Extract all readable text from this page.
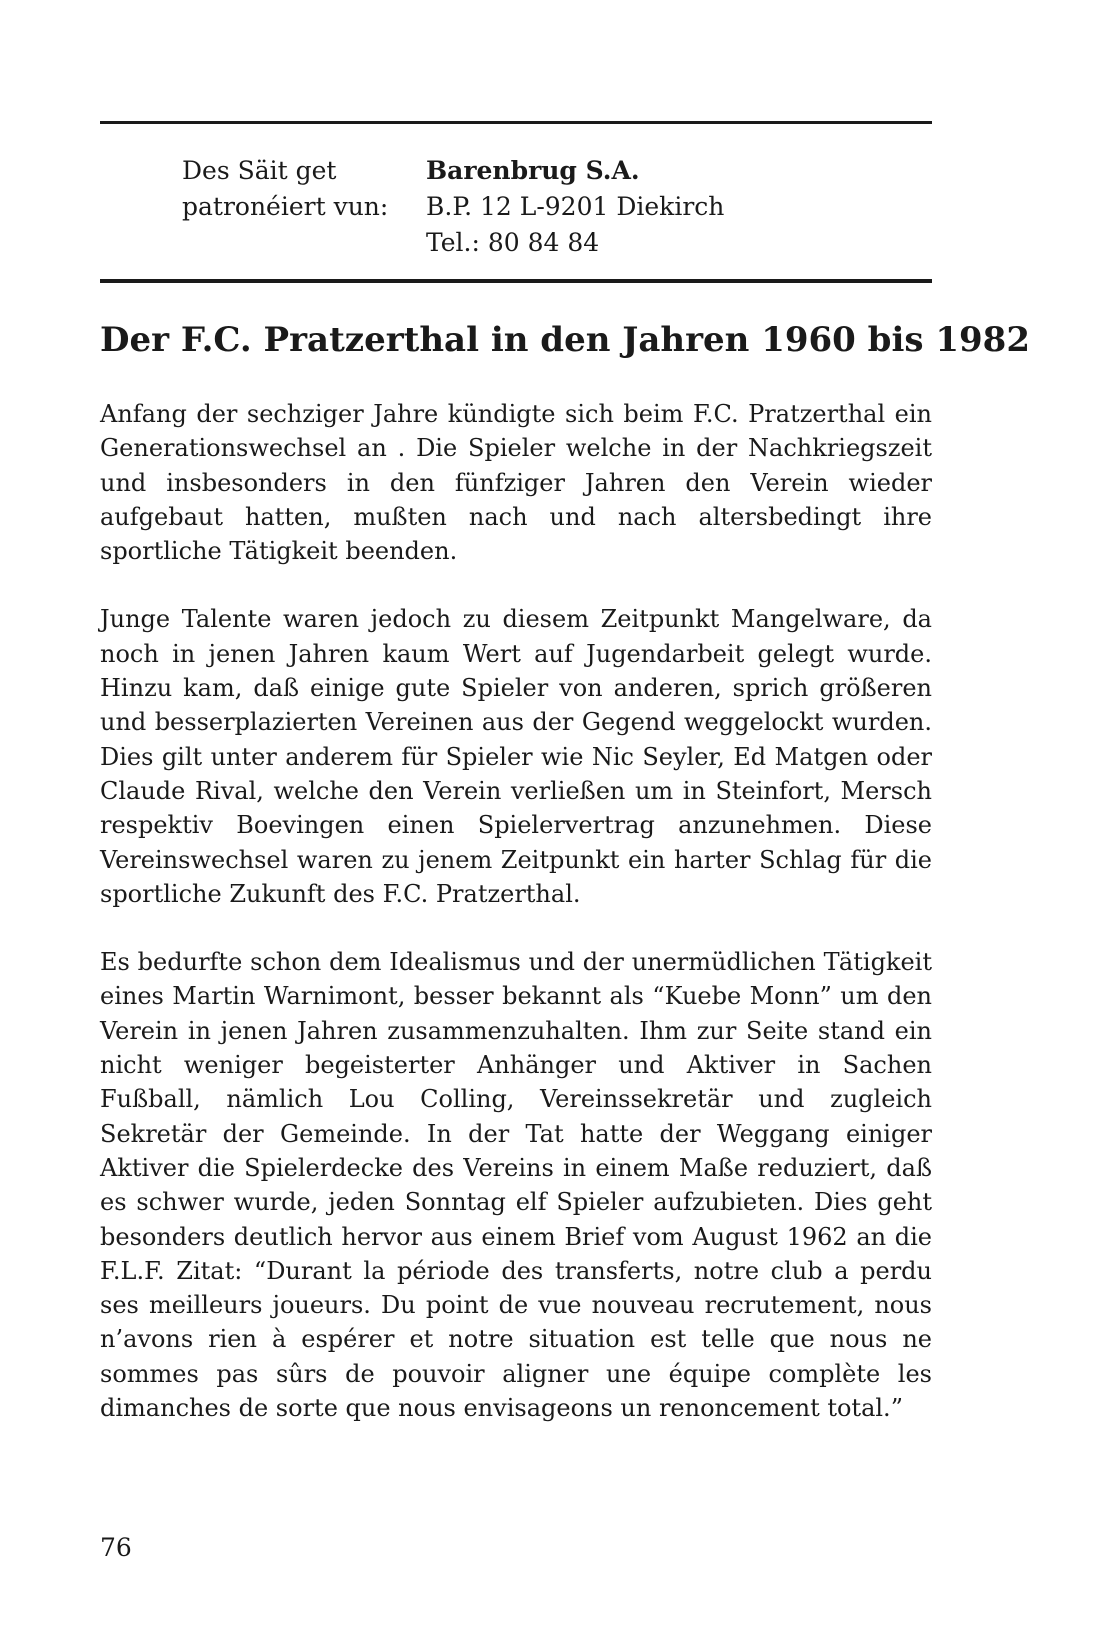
Des Säit get
patronéiert vun:
Barenbrug S.A.
B.P. 12 L-9201 Diekirch
Tel.: 80 84 84
Der F.C. Pratzerthal in den Jahren 1960 bis 1982

Anfang der sechziger Jahre kündigte sich beim F.C. Pratzerthal ein Generationswechsel an . Die Spieler welche in der Nachkriegszeit und insbesonders in den fünfziger Jahren den Verein wieder aufgebaut hatten, mußten nach und nach altersbedingt ihre sportliche Tätigkeit beenden.

Junge Talente waren jedoch zu diesem Zeitpunkt Mangelware, da noch in jenen Jahren kaum Wert auf Jugendarbeit gelegt wurde. Hinzu kam, daß einige gute Spieler von anderen, sprich größeren und besserplazierten Vereinen aus der Gegend weggelockt wurden. Dies gilt unter anderem für Spieler wie Nic Seyler, Ed Matgen oder Claude Rival, welche den Verein verließen um in Steinfort, Mersch respektiv Boevingen einen Spielervertrag anzunehmen. Diese Vereinswechsel waren zu jenem Zeitpunkt ein harter Schlag für die sportliche Zukunft des F.C. Pratzerthal.

Es bedurfte schon dem Idealismus und der unermüdlichen Tätigkeit eines Martin Warnimont, besser bekannt als “Kuebe Monn” um den Verein in jenen Jahren zusammenzuhalten. Ihm zur Seite stand ein nicht weniger begeisterter Anhänger und Aktiver in Sachen Fußball, nämlich Lou Colling, Vereinssekretär und zugleich Sekretär der Gemeinde. In der Tat hatte der Weggang einiger Aktiver die Spielerdecke des Vereins in einem Maße reduziert, daß es schwer wurde, jeden Sonntag elf Spieler aufzubieten. Dies geht besonders deutlich hervor aus einem Brief vom August 1962 an die F.L.F. Zitat: “Durant la période des transferts, notre club a perdu ses meilleurs joueurs. Du point de vue nouveau recrutement, nous n’avons rien à espérer et notre situation est telle que nous ne sommes pas sûrs de pouvoir aligner une équipe complète les dimanches de sorte que nous envisageons un renoncement total.”

76
